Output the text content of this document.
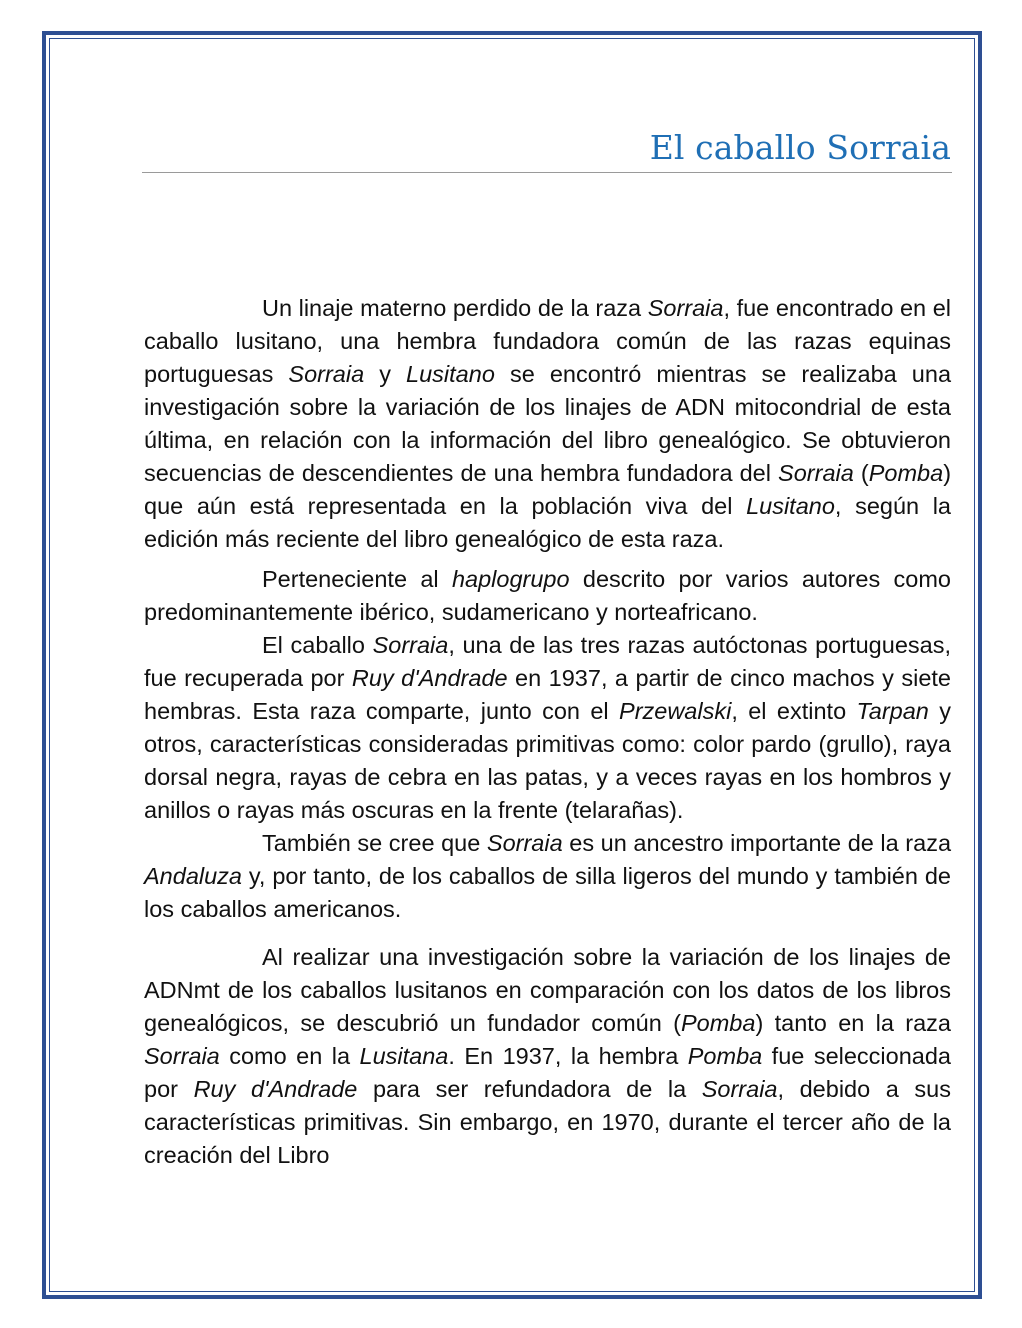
El caballo Sorraia

Un linaje materno perdido de la raza Sorraia, fue encontrado en el caballo lusitano, una hembra fundadora común de las razas equinas portuguesas Sorraia y Lusitano se encontró mientras se realizaba una investigación sobre la variación de los linajes de ADN mitocondrial de esta última, en relación con la información del libro genealógico. Se obtuvieron secuencias de descendientes de una hembra fundadora del Sorraia (Pomba) que aún está representada en la población viva del Lusitano, según la edición más reciente del libro genealógico de esta raza.

Perteneciente al haplogrupo descrito por varios autores como predominantemente ibérico, sudamericano y norteafricano.

El caballo Sorraia, una de las tres razas autóctonas portuguesas, fue recuperada por Ruy d'Andrade en 1937, a partir de cinco machos y siete hembras. Esta raza comparte, junto con el Przewalski, el extinto Tarpan y otros, características consideradas primitivas como: color pardo (grullo), raya dorsal negra, rayas de cebra en las patas, y a veces rayas en los hombros y anillos o rayas más oscuras en la frente (telarañas).

También se cree que Sorraia es un ancestro importante de la raza Andaluza y, por tanto, de los caballos de silla ligeros del mundo y también de los caballos americanos.

Al realizar una investigación sobre la variación de los linajes de ADNmt de los caballos lusitanos en comparación con los datos de los libros genealógicos, se descubrió un fundador común (Pomba) tanto en la raza Sorraia como en la Lusitana. En 1937, la hembra Pomba fue seleccionada por Ruy d'Andrade para ser refundadora de la Sorraia, debido a sus características primitivas. Sin embargo, en 1970, durante el tercer año de la creación del Libro
